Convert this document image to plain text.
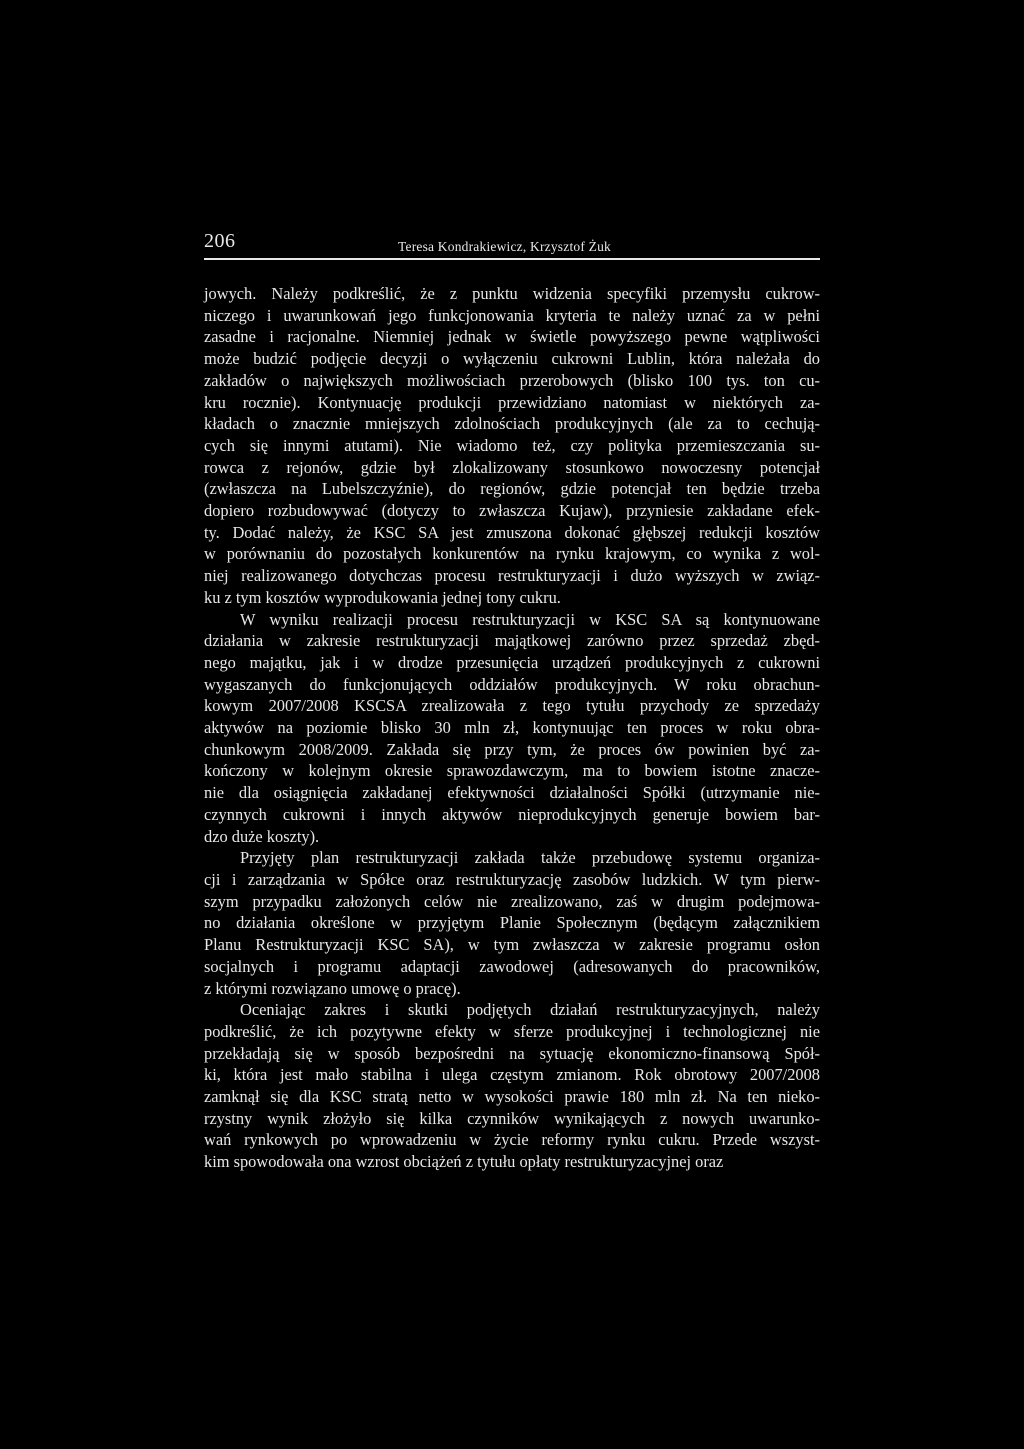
206	Teresa Kondrakiewicz, Krzysztof Żuk

jowych. Należy podkreślić, że z punktu widzenia specyfiki przemysłu cukrow-

niczego i uwarunkowań jego funkcjonowania kryteria te należy uznać za w pełni

zasadne i racjonalne. Niemniej jednak w świetle powyższego pewne wątpliwości

może budzić podjęcie decyzji o wyłączeniu cukrowni Lublin, która należała do

zakładów o największych możliwościach przerobowych (blisko 100 tys. ton cu-

kru rocznie). Kontynuację produkcji przewidziano natomiast w niektórych za-

kładach o znacznie mniejszych zdolnościach produkcyjnych (ale za to cechują-

cych się innymi atutami). Nie wiadomo też, czy polityka przemieszczania su-

rowca z rejonów, gdzie był zlokalizowany stosunkowo nowoczesny potencjał

(zwłaszcza na Lubelszczyźnie), do regionów, gdzie potencjał ten będzie trzeba

dopiero rozbudowywać (dotyczy to zwłaszcza Kujaw), przyniesie zakładane efek-

ty. Dodać należy, że KSC SA jest zmuszona dokonać głębszej redukcji kosztów

w porównaniu do pozostałych konkurentów na rynku krajowym, co wynika z wol-

niej realizowanego dotychczas procesu restrukturyzacji i dużo wyższych w związ-

ku z tym kosztów wyprodukowania jednej tony cukru.

W wyniku realizacji procesu restrukturyzacji w KSC SA są kontynuowane

działania w zakresie restrukturyzacji majątkowej zarówno przez sprzedaż zbęd-

nego majątku, jak i w drodze przesunięcia urządzeń produkcyjnych z cukrowni

wygaszanych do funkcjonujących oddziałów produkcyjnych. W roku obrachun-

kowym 2007/2008 KSCSA zrealizowała z tego tytułu przychody ze sprzedaży

aktywów na poziomie blisko 30 mln zł, kontynuując ten proces w roku obra-

chunkowym 2008/2009. Zakłada się przy tym, że proces ów powinien być za-

kończony w kolejnym okresie sprawozdawczym, ma to bowiem istotne znacze-

nie dla osiągnięcia zakładanej efektywności działalności Spółki (utrzymanie nie-

czynnych cukrowni i innych aktywów nieprodukcyjnych generuje bowiem bar-

dzo duże koszty).

Przyjęty plan restrukturyzacji zakłada także przebudowę systemu organiza-

cji i zarządzania w Spółce oraz restrukturyzację zasobów ludzkich. W tym pierw-

szym przypadku założonych celów nie zrealizowano, zaś w drugim podejmowa-

no działania określone w przyjętym Planie Społecznym (będącym załącznikiem

Planu Restrukturyzacji KSC SA), w tym zwłaszcza w zakresie programu osłon

socjalnych i programu adaptacji zawodowej (adresowanych do pracowników,

z którymi rozwiązano umowę o pracę).

Oceniając zakres i skutki podjętych działań restrukturyzacyjnych, należy

podkreślić, że ich pozytywne efekty w sferze produkcyjnej i technologicznej nie

przekładają się w sposób bezpośredni na sytuację ekonomiczno-finansową Spół-

ki, która jest mało stabilna i ulega częstym zmianom. Rok obrotowy 2007/2008

zamknął się dla KSC stratą netto w wysokości prawie 180 mln zł. Na ten nieko-

rzystny wynik złożyło się kilka czynników wynikających z nowych uwarunko-

wań rynkowych po wprowadzeniu w życie reformy rynku cukru. Przede wszyst-

kim spowodowała ona wzrost obciążeń z tytułu opłaty restrukturyzacyjnej oraz
